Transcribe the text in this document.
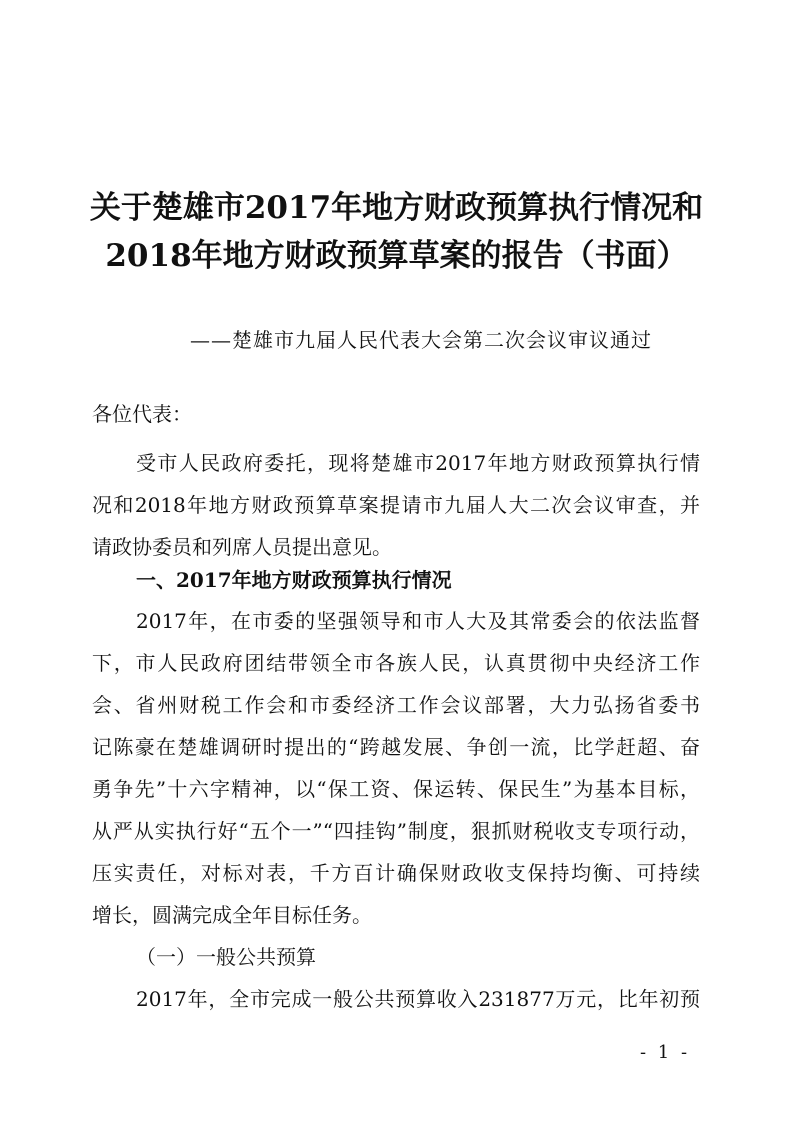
关于楚雄市2017年地方财政预算执行情况和
2018年地方财政预算草案的报告（书面）
——楚雄市九届人民代表大会第二次会议审议通过
各位代表：
受市人民政府委托，现将楚雄市2017年地方财政预算执行情
况和2018年地方财政预算草案提请市九届人大二次会议审查，并
请政协委员和列席人员提出意见。
一、2017年地方财政预算执行情况
2017年，在市委的坚强领导和市人大及其常委会的依法监督
下，市人民政府团结带领全市各族人民，认真贯彻中央经济工作
会、省州财税工作会和市委经济工作会议部署，大力弘扬省委书
记陈豪在楚雄调研时提出的“跨越发展、争创一流，比学赶超、奋
勇争先”十六字精神，以“保工资、保运转、保民生”为基本目标，
从严从实执行好“五个一”“四挂钩”制度，狠抓财税收支专项行动，
压实责任，对标对表，千方百计确保财政收支保持均衡、可持续
增长，圆满完成全年目标任务。
（一）一般公共预算
2017年，全市完成一般公共预算收入231877万元，比年初预
- 1 -
